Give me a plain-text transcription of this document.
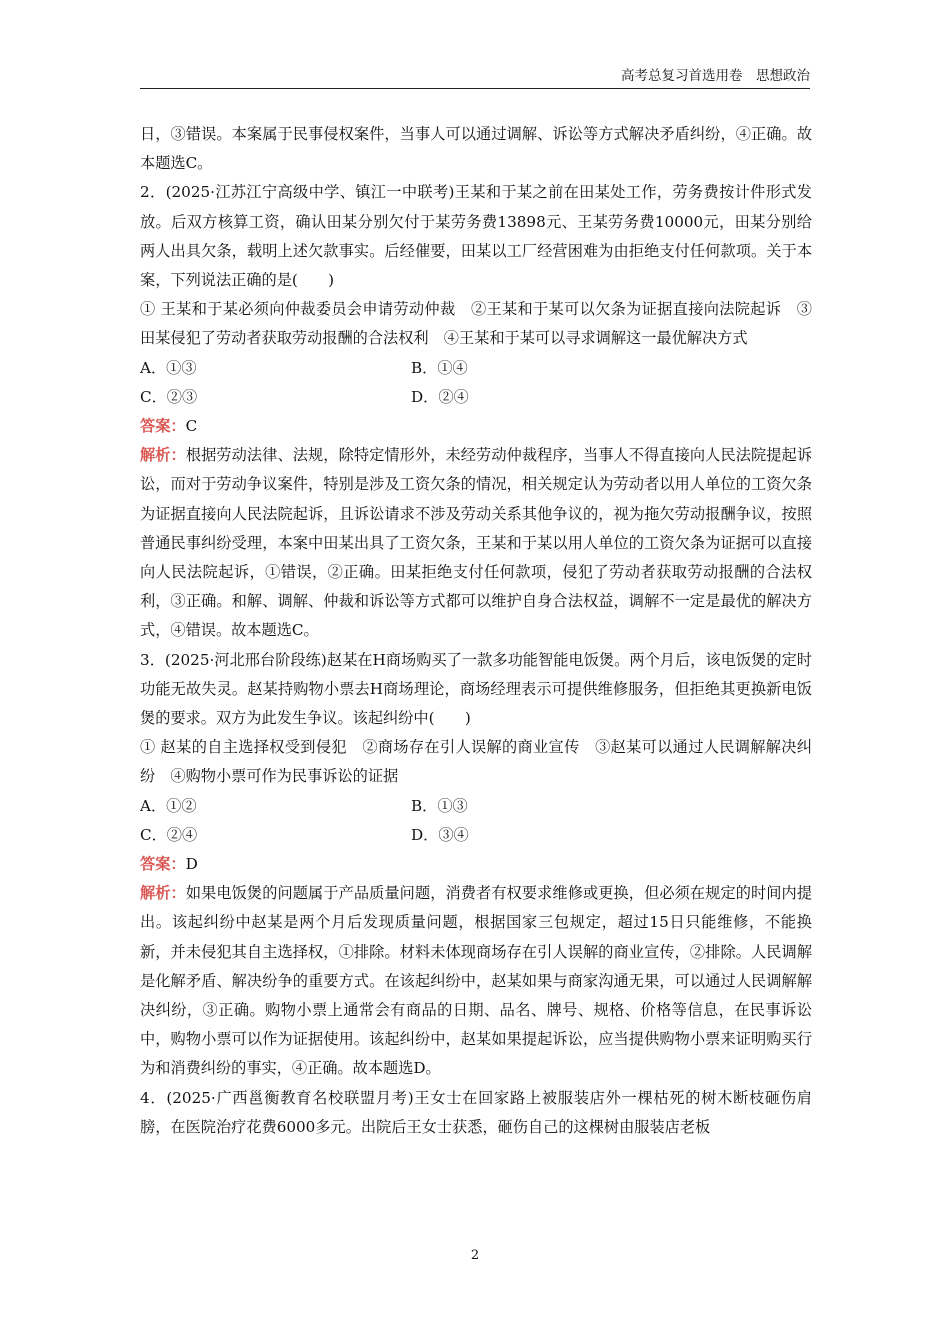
高考总复习首选用卷　思想政治

日，③错误。本案属于民事侵权案件，当事人可以通过调解、诉讼等方式解决矛盾纠纷，④正确。故本题选C。

2．(2025·江苏江宁高级中学、镇江一中联考)王某和于某之前在田某处工作，劳务费按计件形式发放。后双方核算工资，确认田某分别欠付于某劳务费13898元、王某劳务费10000元，田某分别给两人出具欠条，载明上述欠款事实。后经催要，田某以工厂经营困难为由拒绝支付任何款项。关于本案，下列说法正确的是(　　)

① 王某和于某必须向仲裁委员会申请劳动仲裁　②王某和于某可以欠条为证据直接向法院起诉　③田某侵犯了劳动者获取劳动报酬的合法权利　④王某和于某可以寻求调解这一最优解决方式

A．①③	B．①④
C．②③	D．②④

答案：C

解析：根据劳动法律、法规，除特定情形外，未经劳动仲裁程序，当事人不得直接向人民法院提起诉讼，而对于劳动争议案件，特别是涉及工资欠条的情况，相关规定认为劳动者以用人单位的工资欠条为证据直接向人民法院起诉，且诉讼请求不涉及劳动关系其他争议的，视为拖欠劳动报酬争议，按照普通民事纠纷受理，本案中田某出具了工资欠条，王某和于某以用人单位的工资欠条为证据可以直接向人民法院起诉，①错误，②正确。田某拒绝支付任何款项，侵犯了劳动者获取劳动报酬的合法权利，③正确。和解、调解、仲裁和诉讼等方式都可以维护自身合法权益，调解不一定是最优的解决方式，④错误。故本题选C。

3．(2025·河北邢台阶段练)赵某在H商场购买了一款多功能智能电饭煲。两个月后，该电饭煲的定时功能无故失灵。赵某持购物小票去H商场理论，商场经理表示可提供维修服务，但拒绝其更换新电饭煲的要求。双方为此发生争议。该起纠纷中(　　)

① 赵某的自主选择权受到侵犯　②商场存在引人误解的商业宣传　③赵某可以通过人民调解解决纠纷　④购物小票可作为民事诉讼的证据

A．①②	B．①③
C．②④	D．③④

答案：D

解析：如果电饭煲的问题属于产品质量问题，消费者有权要求维修或更换，但必须在规定的时间内提出。该起纠纷中赵某是两个月后发现质量问题，根据国家三包规定，超过15日只能维修，不能换新，并未侵犯其自主选择权，①排除。材料未体现商场存在引人误解的商业宣传，②排除。人民调解是化解矛盾、解决纷争的重要方式。在该起纠纷中，赵某如果与商家沟通无果，可以通过人民调解解决纠纷，③正确。购物小票上通常会有商品的日期、品名、牌号、规格、价格等信息，在民事诉讼中，购物小票可以作为证据使用。该起纠纷中，赵某如果提起诉讼，应当提供购物小票来证明购买行为和消费纠纷的事实，④正确。故本题选D。

4．(2025·广西邕衡教育名校联盟月考)王女士在回家路上被服装店外一棵枯死的树木断枝砸伤肩膀，在医院治疗花费6000多元。出院后王女士获悉，砸伤自己的这棵树由服装店老板

2
